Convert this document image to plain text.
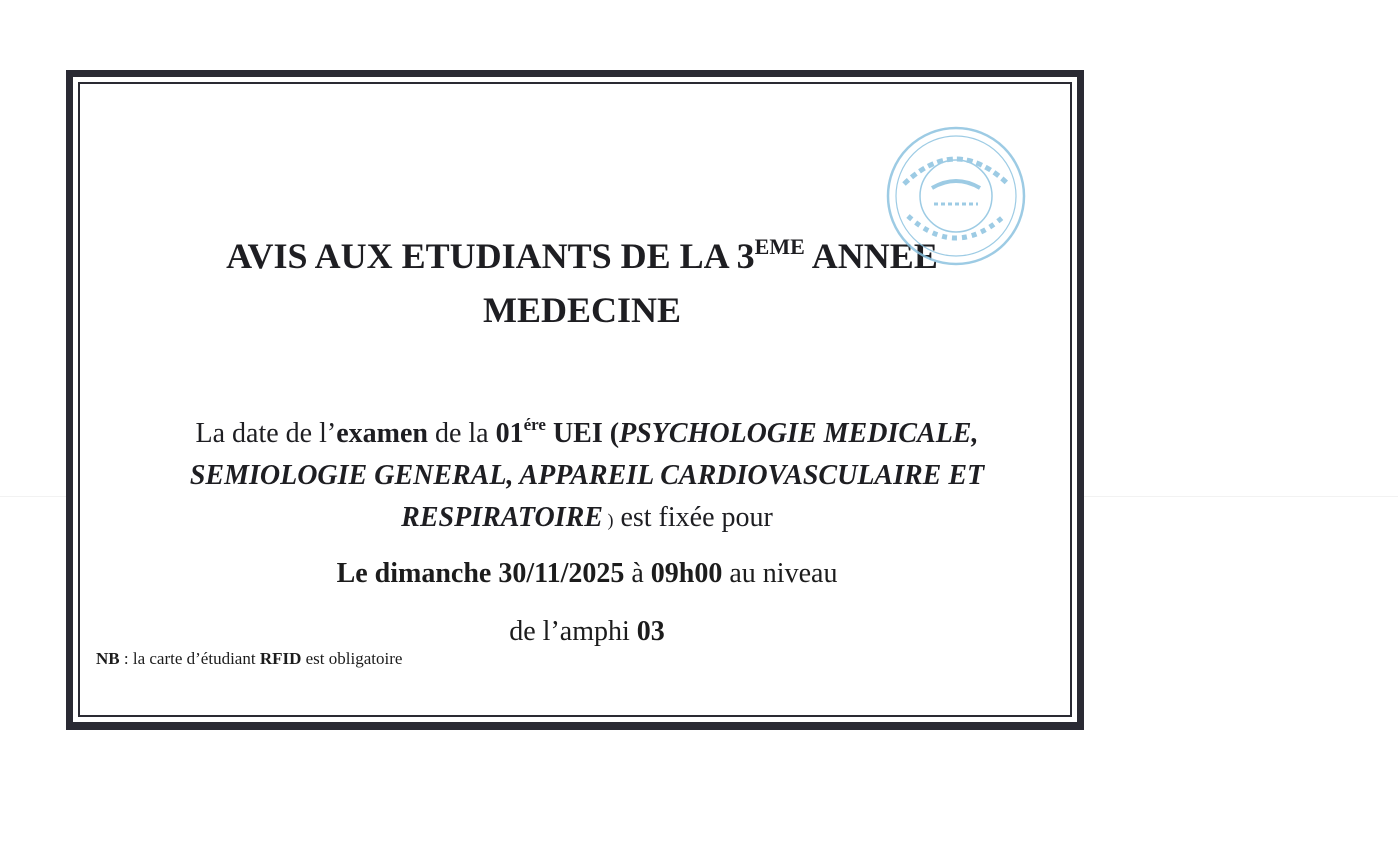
AVIS AUX ETUDIANTS DE LA 3EME ANNEE
MEDECINE

La date de l’examen de la $01^{ére}$ UEI (PSYCHOLOGIE MEDICALE, SEMIOLOGIE GENERAL, APPAREIL CARDIOVASCULAIRE ET RESPIRATOIRE ) est fixée pour

Le dimanche 30/11/2025 à 09h00 au niveau

de l’amphi 03

NB : la carte d’étudiant RFID est obligatoire
